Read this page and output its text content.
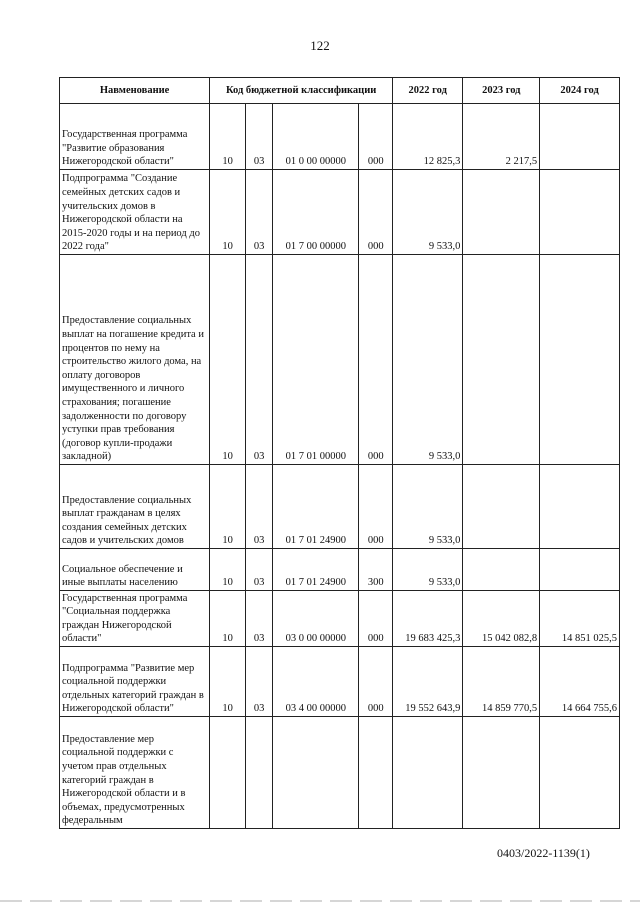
122
Навменование	Код бюджетной классификации				2022 год	2023 год	2024 год
Государственная программа "Развитие образования Нижегородской области"	10	03	01 0 00 00000	000	12 825,3	2 217,5	
Подпрограмма "Создание семейных детских садов и учительских домов в Нижегородской области на 2015-2020 годы и на период до 2022 года"	10	03	01 7 00 00000	000	9 533,0		
Предоставление социальных выплат на погашение кредита и процентов по нему на строительство жилого дома, на оплату договоров имущественного и личного страхования; погашение задолженности по договору уступки прав требования (договор купли-продажи закладной)	10	03	01 7 01 00000	000	9 533,0		
Предоставление социальных выплат гражданам в целях создания семейных детских садов и учительских домов	10	03	01 7 01 24900	000	9 533,0		
Социальное обеспечение и иные выплаты населению	10	03	01 7 01 24900	300	9 533,0		
Государственная программа "Социальная поддержка граждан Нижегородской области"	10	03	03 0 00 00000	000	19 683 425,3	15 042 082,8	14 851 025,5
Подпрограмма "Развитие мер социальной поддержки отдельных категорий граждан в Нижегородской области"	10	03	03 4 00 00000	000	19 552 643,9	14 859 770,5	14 664 755,6
Предоставление мер социальной поддержки с учетом прав отдельных категорий граждан в Нижегородской области и в объемах, предусмотренных федеральным							
0403/2022-1139(1)
